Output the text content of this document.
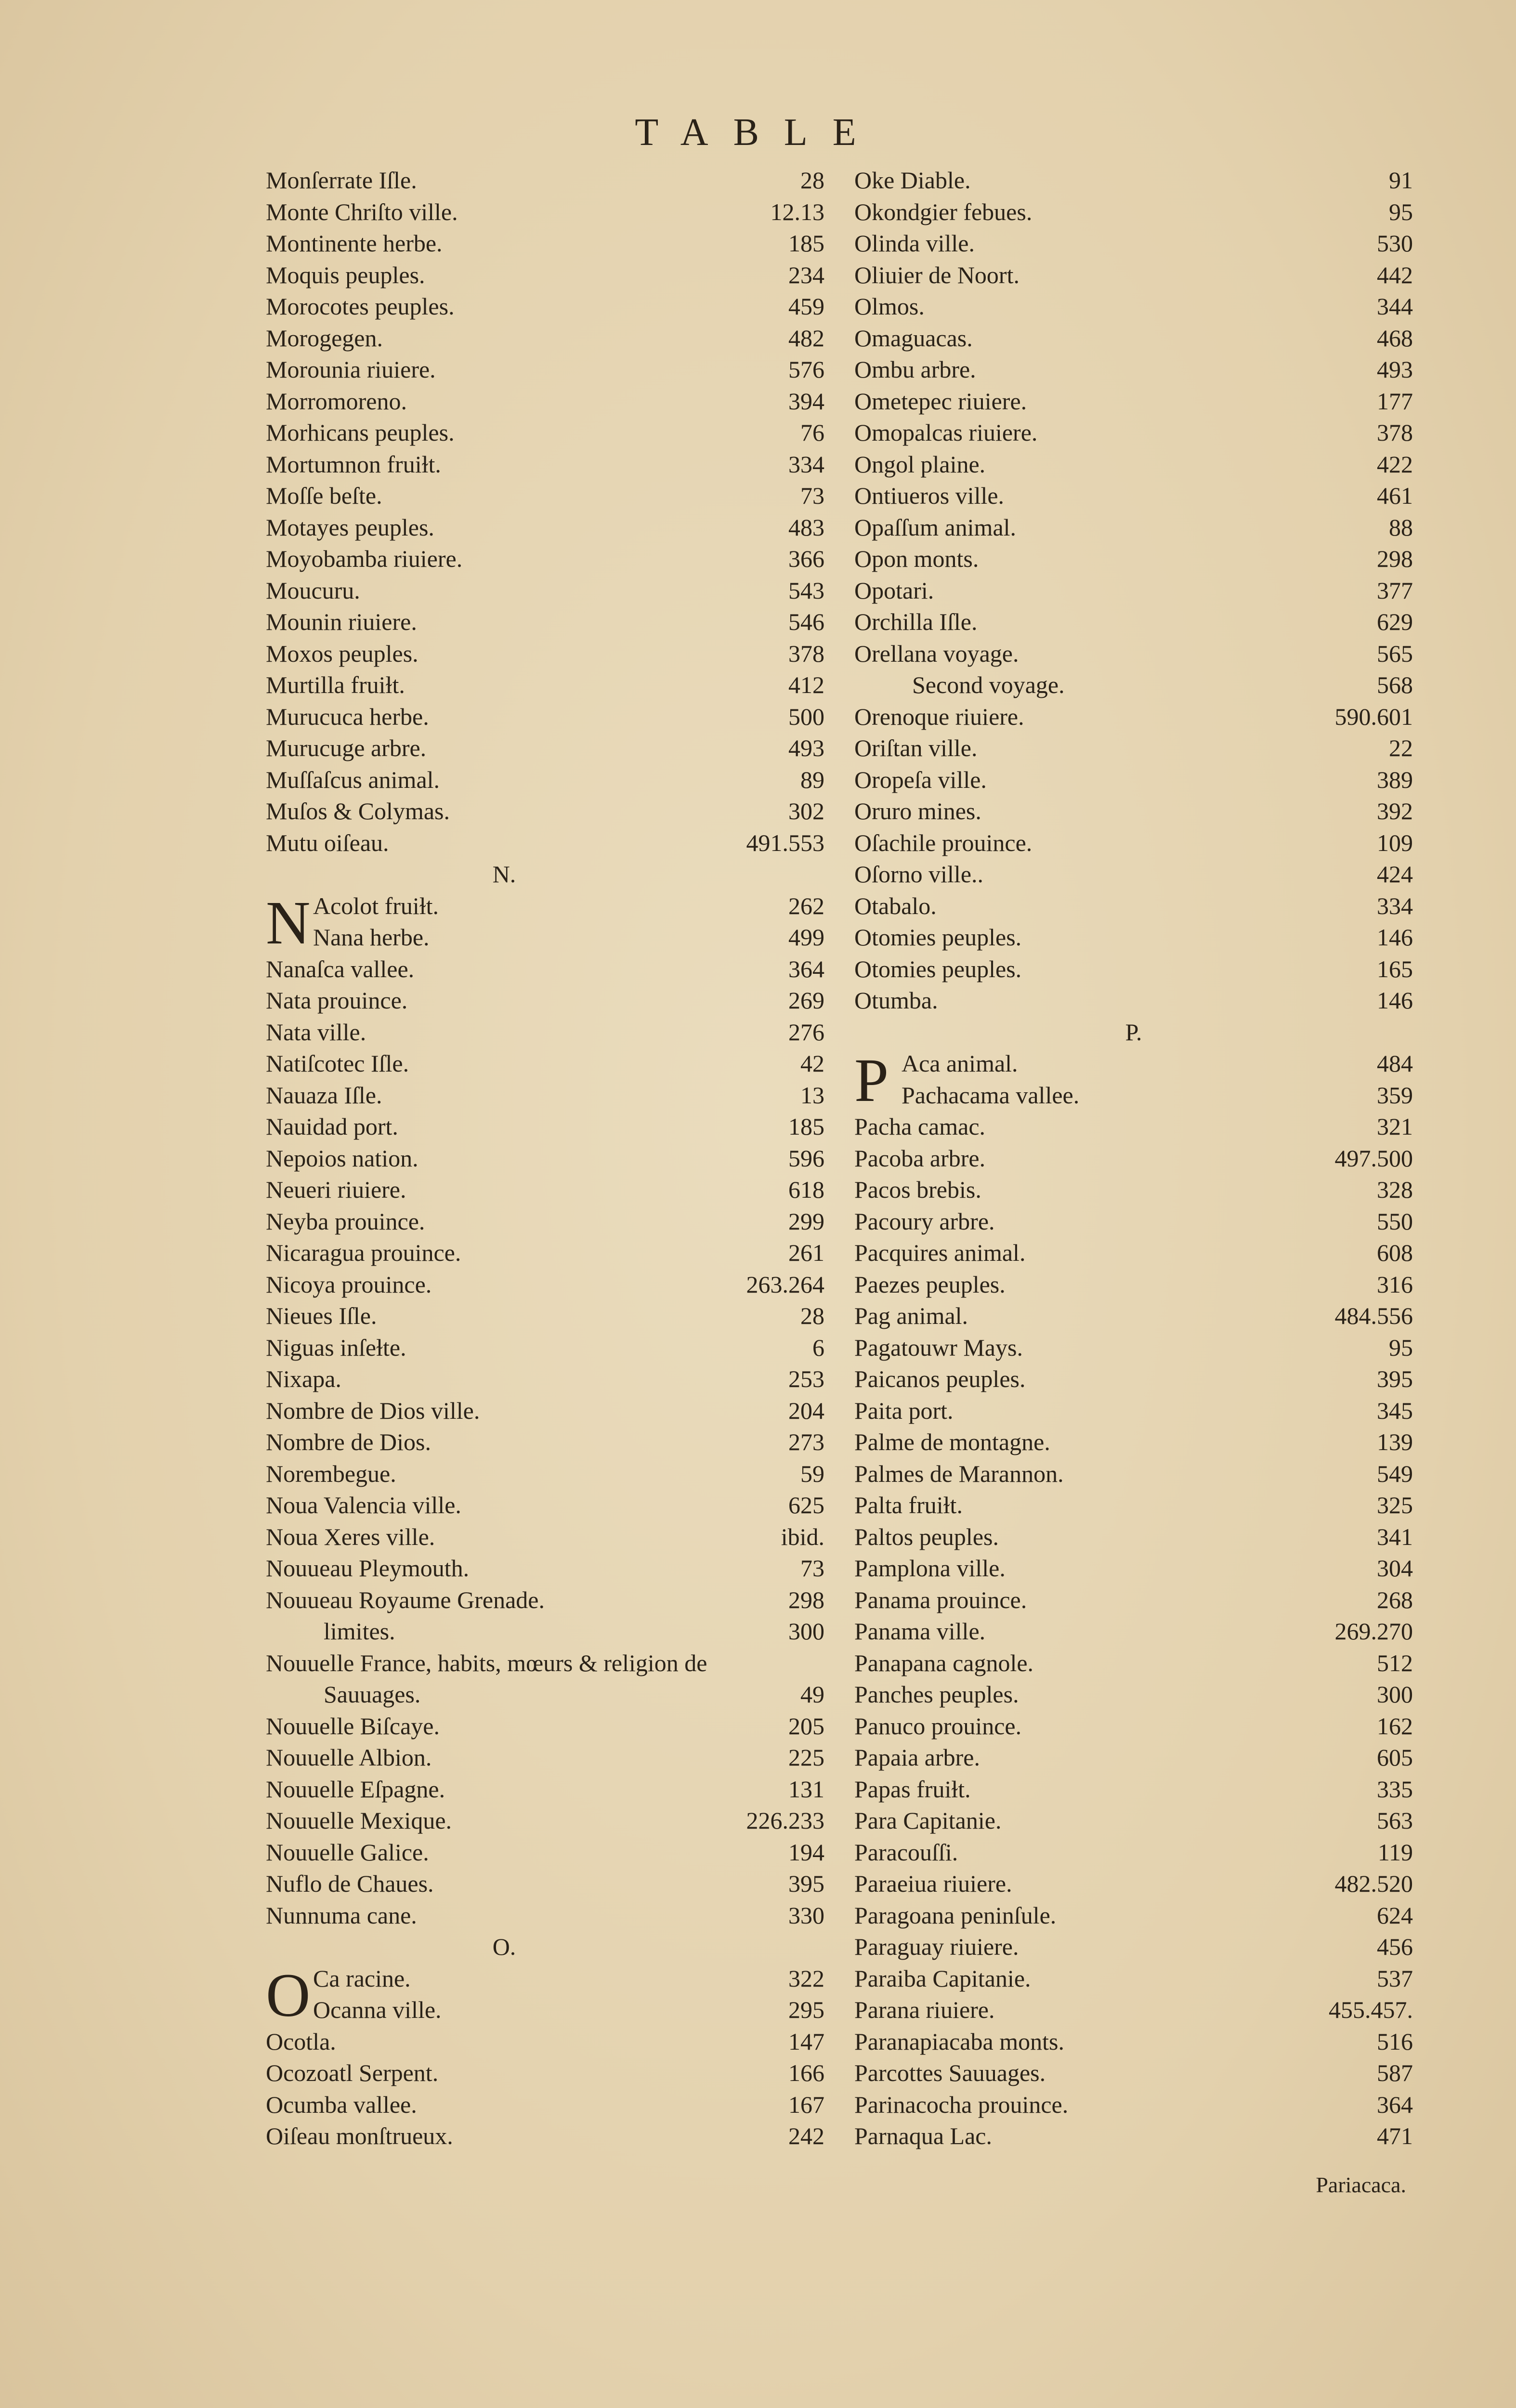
TABLE
Monſerrate Iſle.	28
Monte Chriſto ville.	12.13
Montinente herbe.	185
Moquis peuples.	234
Morocotes peuples.	459
Morogegen.	482
Morounia riuiere.	576
Morromoreno.	394
Morhicans peuples.	76
Mortumnon fruiɫt.	334
Moſſe beſte.	73
Motayes peuples.	483
Moyobamba riuiere.	366
Moucuru.	543
Mounin riuiere.	546
Moxos peuples.	378
Murtilla fruiɫt.	412
Murucuca herbe.	500
Murucuge arbre.	493
Muſſaſcus animal.	89
Muſos & Colymas.	302
Mutu oiſeau.	491.553
N.
N Acolot fruiɫt.	262
Nana herbe.	499
Nanaſca vallee.	364
Nata prouince.	269
Nata ville.	276
Natiſcotec Iſle.	42
Nauaza Iſle.	13
Nauidad port.	185
Nepoios nation.	596
Neueri riuiere.	618
Neyba prouince.	299
Nicaragua prouince.	261
Nicoya prouince.	263.264
Nieues Iſle.	28
Niguas inſeɫte.	6
Nixapa.	253
Nombre de Dios ville.	204
Nombre de Dios.	273
Norembegue.	59
Noua Valencia ville.	625
Noua Xeres ville.	ibid.
Nouueau Pleymouth.	73
Nouueau Royaume Grenade.	298
limites.	300
Nouuelle France, habits, mœurs & religion de
Sauuages.	49
Nouuelle Biſcaye.	205
Nouuelle Albion.	225
Nouuelle Eſpagne.	131
Nouuelle Mexique.	226.233
Nouuelle Galice.	194
Nuflo de Chaues.	395
Nunnuma cane.	330
O.
O Ca racine.	322
Ocanna ville.	295
Ocotla.	147
Ocozoatl Serpent.	166
Ocumba vallee.	167
Oiſeau monſtrueux.	242
Oke Diable.	91
Okondgier febues.	95
Olinda ville.	530
Oliuier de Noort.	442
Olmos.	344
Omaguacas.	468
Ombu arbre.	493
Ometepec riuiere.	177
Omopalcas riuiere.	378
Ongol plaine.	422
Ontiueros ville.	461
Opaſſum animal.	88
Opon monts.	298
Opotari.	377
Orchilla Iſle.	629
Orellana voyage.	565
Second voyage.	568
Orenoque riuiere.	590.601
Oriſtan ville.	22
Oropeſa ville.	389
Oruro mines.	392
Oſachile prouince.	109
Oſorno ville..	424
Otabalo.	334
Otomies peuples.	146
Otomies peuples.	165
Otumba.	146
P.
P Aca animal.	484
Pachacama vallee.	359
Pacha camac.	321
Pacoba arbre.	497.500
Pacos brebis.	328
Pacoury arbre.	550
Pacquires animal.	608
Paezes peuples.	316
Pag animal.	484.556
Pagatouwr Mays.	95
Paicanos peuples.	395
Paita port.	345
Palme de montagne.	139
Palmes de Marannon.	549
Palta fruiɫt.	325
Paltos peuples.	341
Pamplona ville.	304
Panama prouince.	268
Panama ville.	269.270
Panapana cagnole.	512
Panches peuples.	300
Panuco prouince.	162
Papaia arbre.	605
Papas fruiɫt.	335
Para Capitanie.	563
Paracouſſi.	119
Paraeiua riuiere.	482.520
Paragoana peninſule.	624
Paraguay riuiere.	456
Paraiba Capitanie.	537
Parana riuiere.	455.457.
Paranapiacaba monts.	516
Parcottes Sauuages.	587
Parinacocha prouince.	364
Parnaqua Lac.	471
Pariacaca.
